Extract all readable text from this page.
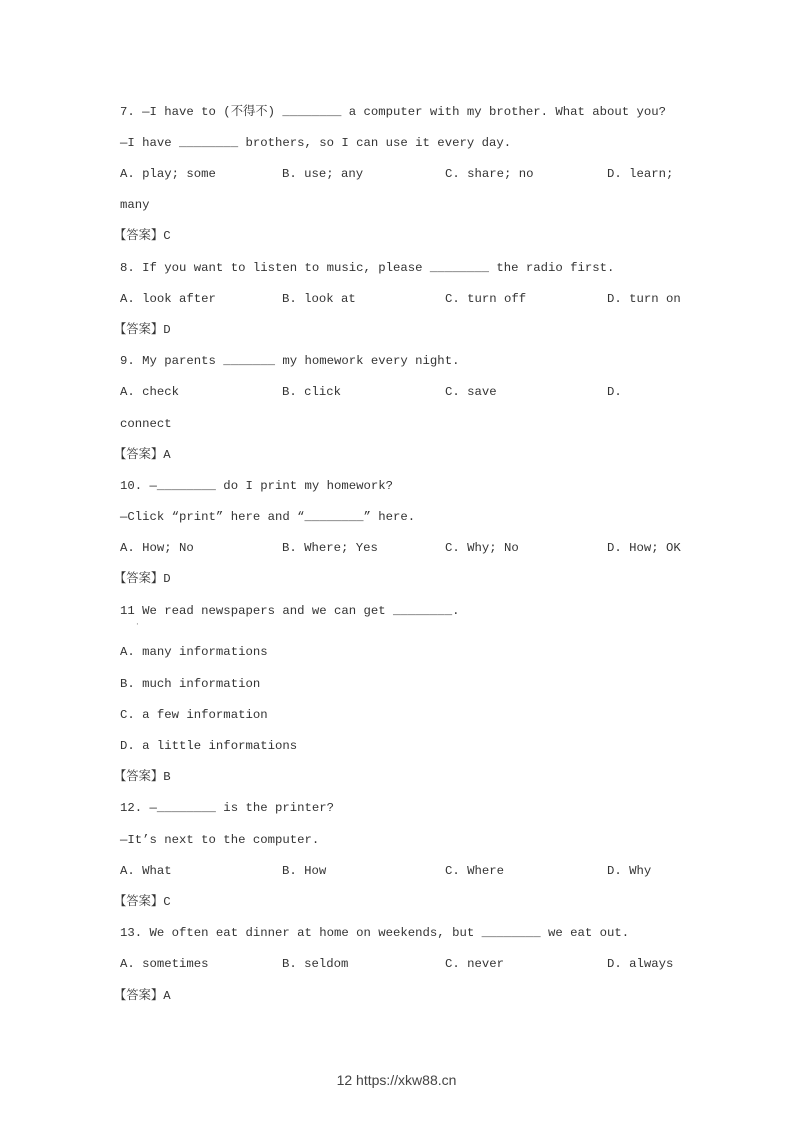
7. —I have to (不得不) ________ a computer with my brother. What about you?
—I have ________ brothers, so I can use it every day.
A. play; some	B. use; any	C. share; no	D. learn;
many
【答案】C
8. If you want to listen to music, please ________ the radio first.
A. look after	B. look at	C. turn off	D. turn on
【答案】D
9. My parents _______ my homework every night.
A. check	B. click	C. save	D.
connect
【答案】A
10. —________ do I print my homework?
—Click “print” here and “________” here.
A. How; No	B. Where; Yes	C. Why; No	D. How; OK
【答案】D
11 We read newspapers and we can get ________.
·
A. many informations
B. much information
C. a few information
D. a little informations
【答案】B
12. —________ is the printer?
—It’s next to the computer.
A. What	B. How	C. Where	D. Why
【答案】C
13. We often eat dinner at home on weekends, but ________ we eat out.
A. sometimes	B. seldom	C. never	D. always
【答案】A
12 https://xkw88.cn
